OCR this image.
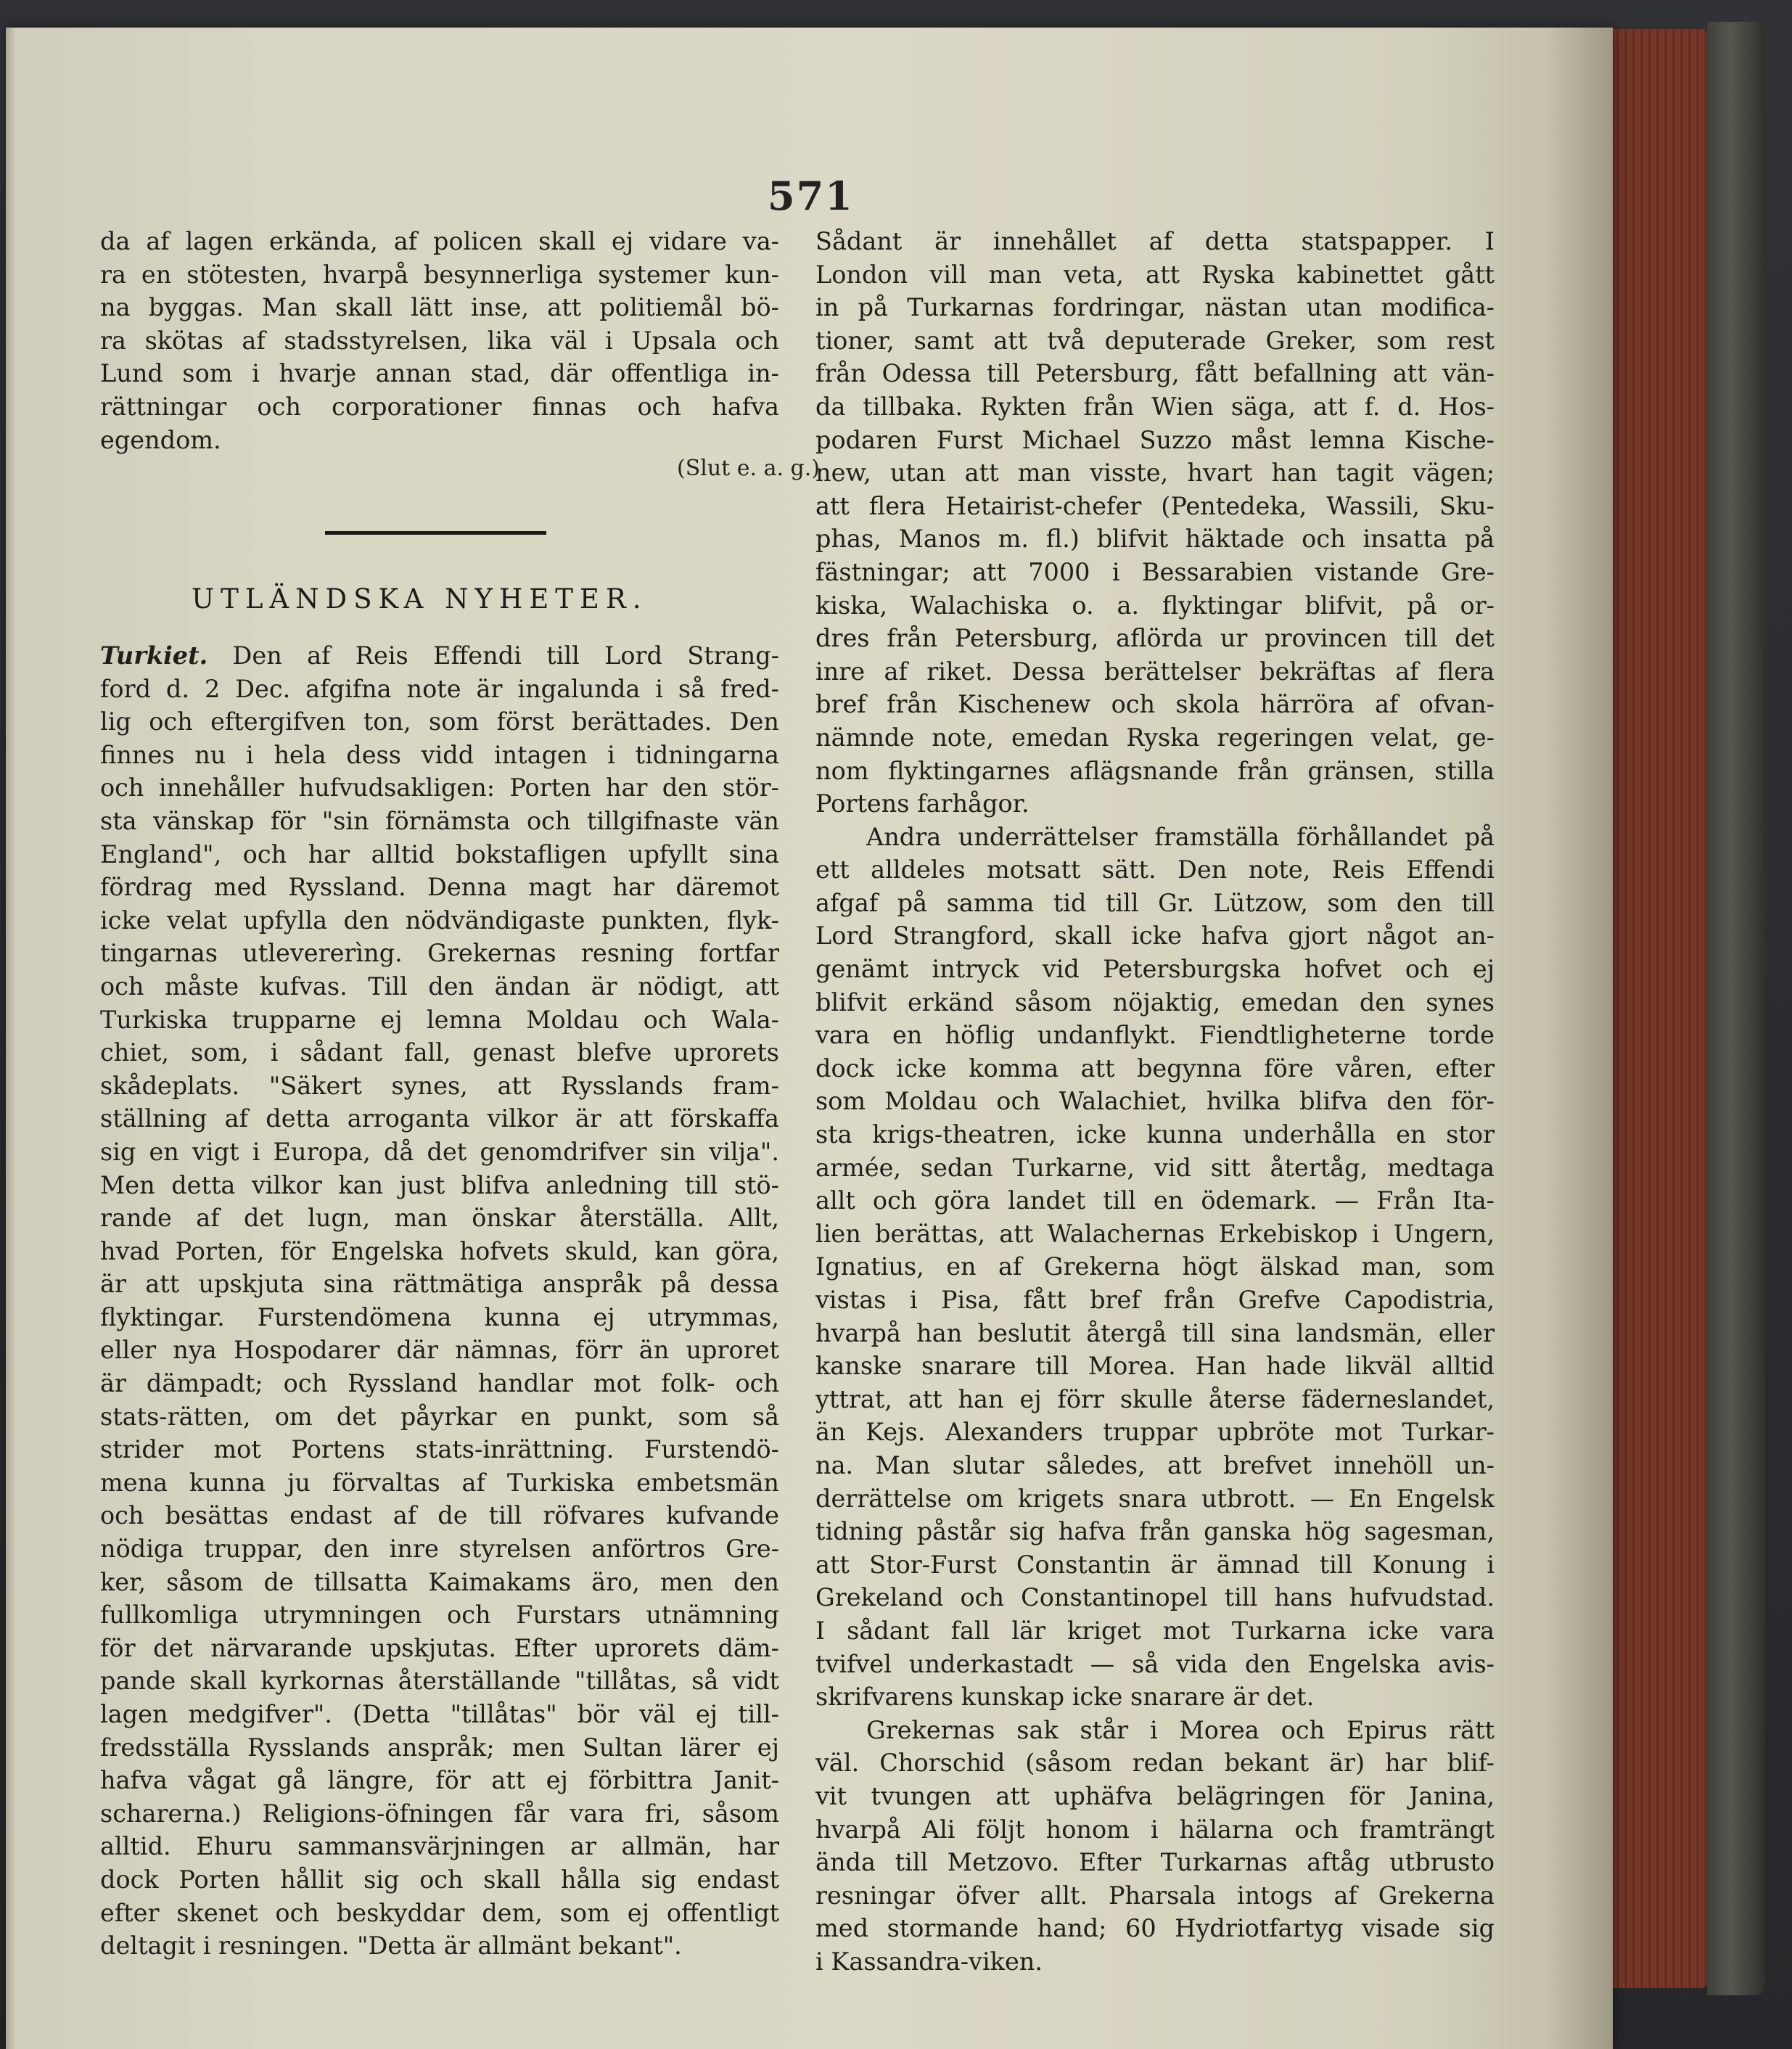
571

da af lagen erkända, af policen skall ej vidare va-

ra en stötesten, hvarpå besynnerliga systemer kun-

na byggas. Man skall lätt inse, att politiemål bö-

ra skötas af stadsstyrelsen, lika väl i Upsala och

Lund som i hvarje annan stad, där offentliga in-

rättningar och corporationer finnas och hafva

egendom.

(Slut e. a. g.)
UTLÄNDSKA NYHETER.

Turkiet. Den af Reis Effendi till Lord Strang-

ford d. 2 Dec. afgifna note är ingalunda i så fred-

lig och eftergifven ton, som först berättades. Den

finnes nu i hela dess vidd intagen i tidningarna

och innehåller hufvudsakligen: Porten har den stör-

sta vänskap för "sin förnämsta och tillgifnaste vän

England", och har alltid bokstafligen upfyllt sina

fördrag med Ryssland. Denna magt har däremot

icke velat upfylla den nödvändigaste punkten, flyk-

tingarnas utlevererìng. Grekernas resning fortfar

och måste kufvas. Till den ändan är nödigt, att

Turkiska trupparne ej lemna Moldau och Wala-

chiet, som, i sådant fall, genast blefve uprorets

skådeplats. "Säkert synes, att Rysslands fram-

ställning af detta arroganta vilkor är att förskaffa

sig en vigt i Europa, då det genomdrifver sin vilja".

Men detta vilkor kan just blifva anledning till stö-

rande af det lugn, man önskar återställa. Allt,

hvad Porten, för Engelska hofvets skuld, kan göra,

är att upskjuta sina rättmätiga anspråk på dessa

flyktingar. Furstendömena kunna ej utrymmas,

eller nya Hospodarer där nämnas, förr än uproret

är dämpadt; och Ryssland handlar mot folk- och

stats-rätten, om det påyrkar en punkt, som så

strider mot Portens stats-inrättning. Furstendö-

mena kunna ju förvaltas af Turkiska embetsmän

och besättas endast af de till röfvares kufvande

nödiga truppar, den inre styrelsen anförtros Gre-

ker, såsom de tillsatta Kaimakams äro, men den

fullkomliga utrymningen och Furstars utnämning

för det närvarande upskjutas. Efter uprorets däm-

pande skall kyrkornas återställande "tillåtas, så vidt

lagen medgifver". (Detta "tillåtas" bör väl ej till-

fredsställa Rysslands anspråk; men Sultan lärer ej

hafva vågat gå längre, för att ej förbittra Janit-

scharerna.) Religions-öfningen får vara fri, såsom

alltid. Ehuru sammansvärjningen ar allmän, har

dock Porten hållit sig och skall hålla sig endast

efter skenet och beskyddar dem, som ej offentligt

deltagit i resningen. "Detta är allmänt bekant".

Sådant är innehållet af detta statspapper. I

London vill man veta, att Ryska kabinettet gått

in på Turkarnas fordringar, nästan utan modifica-

tioner, samt att två deputerade Greker, som rest

från Odessa till Petersburg, fått befallning att vän-

da tillbaka. Rykten från Wien säga, att f. d. Hos-

podaren Furst Michael Suzzo måst lemna Kische-

new, utan att man visste, hvart han tagit vägen;

att flera Hetairist-chefer (Pentedeka, Wassili, Sku-

phas, Manos m. fl.) blifvit häktade och insatta på

fästningar; att 7000 i Bessarabien vistande Gre-

kiska, Walachiska o. a. flyktingar blifvit, på or-

dres från Petersburg, aflörda ur provincen till det

inre af riket. Dessa berättelser bekräftas af flera

bref från Kischenew och skola härröra af ofvan-

nämnde note, emedan Ryska regeringen velat, ge-

nom flyktingarnes aflägsnande från gränsen, stilla

Portens farhågor.

Andra underrättelser framställa förhållandet på

ett alldeles motsatt sätt. Den note, Reis Effendi

afgaf på samma tid till Gr. Lützow, som den till

Lord Strangford, skall icke hafva gjort något an-

genämt intryck vid Petersburgska hofvet och ej

blifvit erkänd såsom nöjaktig, emedan den synes

vara en höflig undanflykt. Fiendtligheterne torde

dock icke komma att begynna före våren, efter

som Moldau och Walachiet, hvilka blifva den för-

sta krigs-theatren, icke kunna underhålla en stor

armée, sedan Turkarne, vid sitt återtåg, medtaga

allt och göra landet till en ödemark. — Från Ita-

lien berättas, att Walachernas Erkebiskop i Ungern,

Ignatius, en af Grekerna högt älskad man, som

vistas i Pisa, fått bref från Grefve Capodistria,

hvarpå han beslutit återgå till sina landsmän, eller

kanske snarare till Morea. Han hade likväl alltid

yttrat, att han ej förr skulle återse fäderneslandet,

än Kejs. Alexanders truppar upbröte mot Turkar-

na. Man slutar således, att brefvet innehöll un-

derrättelse om krigets snara utbrott. — En Engelsk

tidning påstår sig hafva från ganska hög sagesman,

att Stor-Furst Constantin är ämnad till Konung i

Grekeland och Constantinopel till hans hufvudstad.

I sådant fall lär kriget mot Turkarna icke vara

tvifvel underkastadt — så vida den Engelska avis-

skrifvarens kunskap icke snarare är det.

Grekernas sak står i Morea och Epirus rätt

väl. Chorschid (såsom redan bekant är) har blif-

vit tvungen att uphäfva belägringen för Janina,

hvarpå Ali följt honom i hälarna och framträngt

ända till Metzovo. Efter Turkarnas aftåg utbrusto

resningar öfver allt. Pharsala intogs af Grekerna

med stormande hand; 60 Hydriotfartyg visade sig

i Kassandra-viken.
